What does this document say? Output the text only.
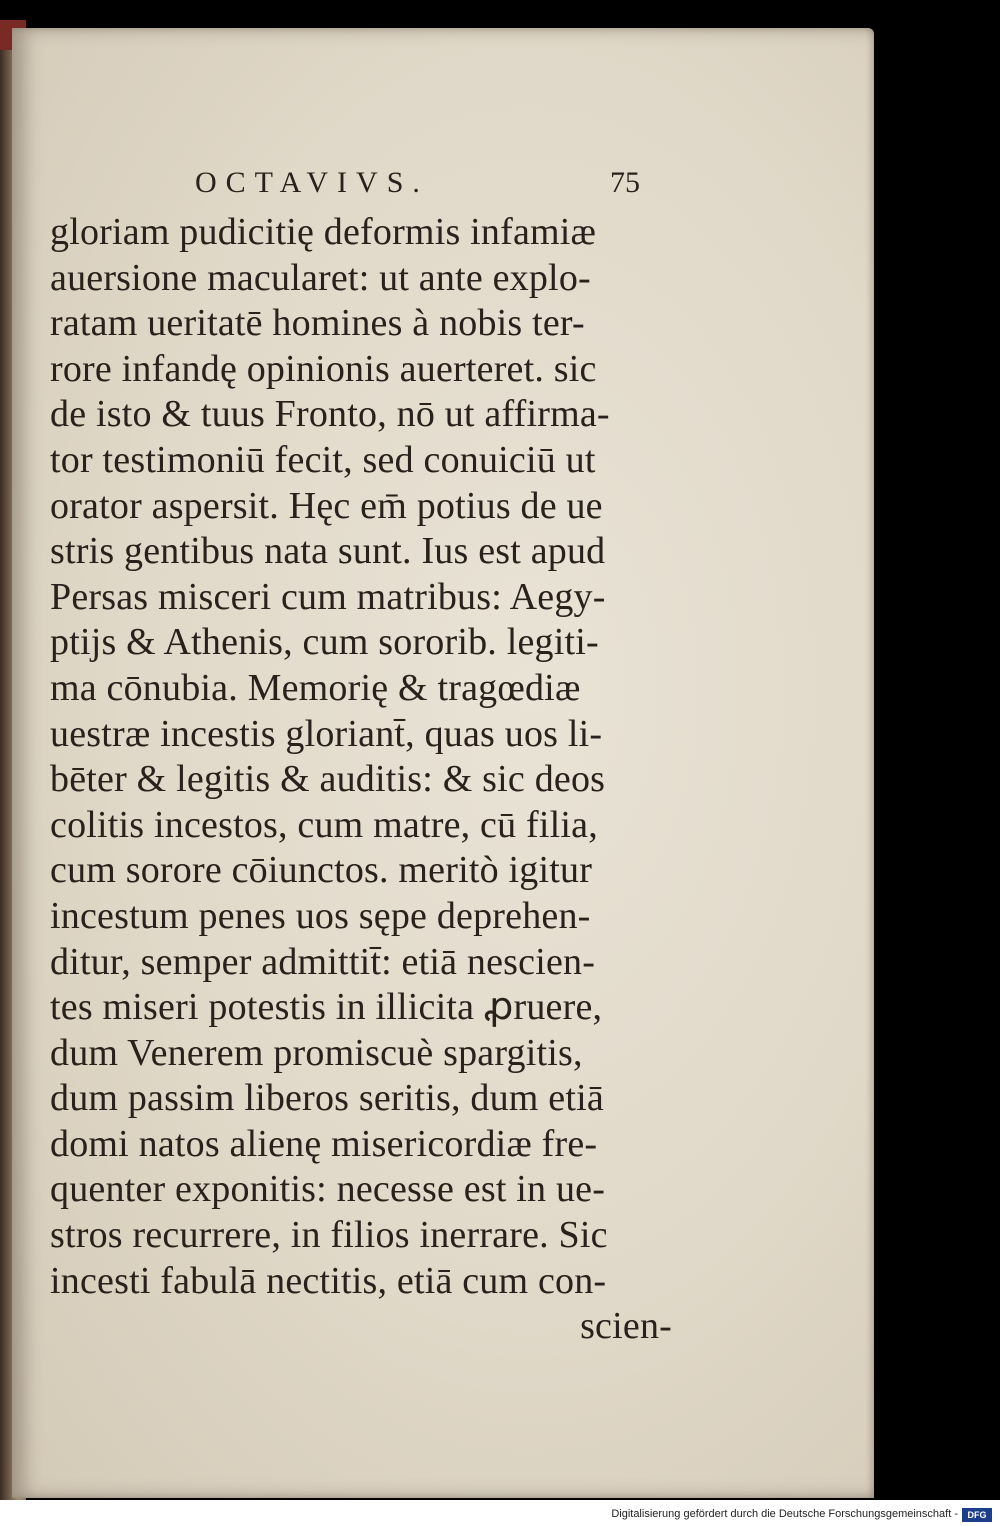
OCTAVIVS.	75
gloriam pudicitię deformis infamiæ
auersione macularet: ut ante explo-
ratam ueritatē homines à nobis ter-
rore infandę opinionis auerteret. sic
de isto & tuus Fronto, nō ut affirma-
tor testimoniū fecit, sed conuiciū ut
orator aspersit. Hęc em̄ potius de ue
stris gentibus nata sunt. Ius est apud
Persas misceri cum matribus: Aegy-
ptijs & Athenis, cum sororib. legiti-
ma cōnubia. Memorię & tragœdiæ
uestræ incestis gloriant̄, quas uos li-
bēter & legitis & auditis: & sic deos
colitis incestos, cum matre, cū filia,
cum sorore cōiunctos. meritò igitur
incestum penes uos sępe deprehen-
ditur, semper admittit̄: etiā nescien-
tes miseri potestis in illicita ꝓruere,
dum Venerem promiscuè spargitis,
dum passim liberos seritis, dum etiā
domi natos alienę misericordiæ fre-
quenter exponitis: necesse est in ue-
stros recurrere, in filios inerrare. Sic
incesti fabulā nectitis, etiā cum con-
scien-
Digitalisierung gefördert durch die Deutsche Forschungsgemeinschaft -	DFG
